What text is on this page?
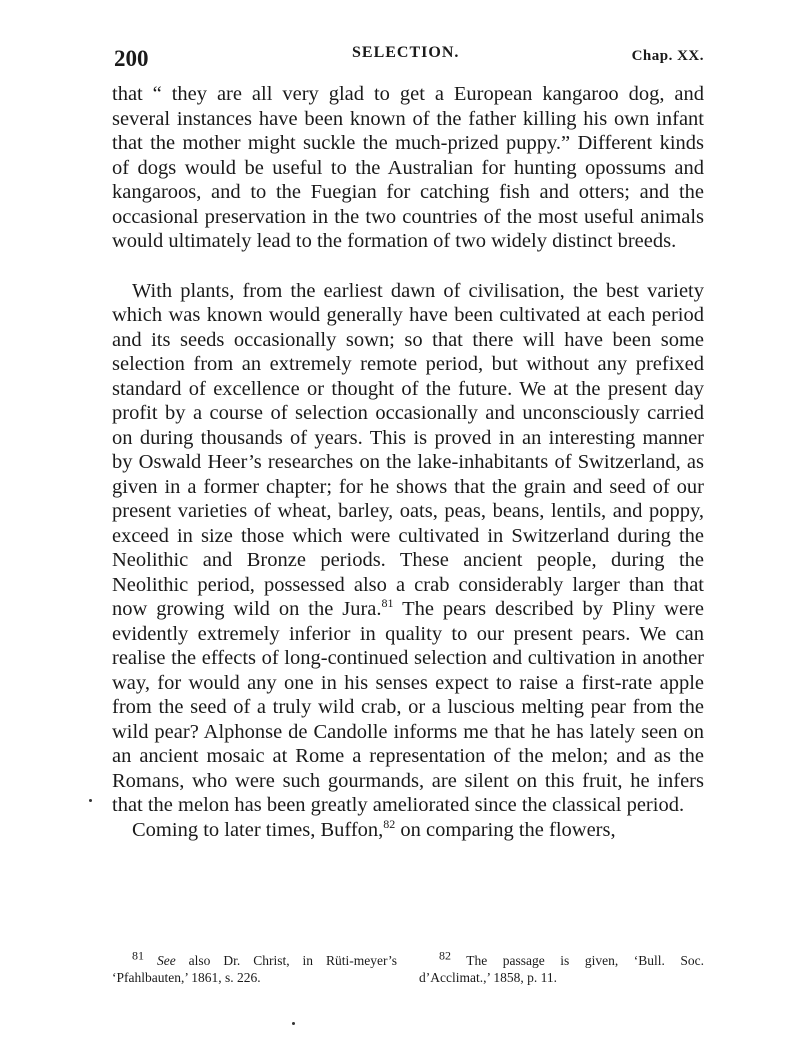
200	SELECTION.	Chap. XX.

that “ they are all very glad to get a European kangaroo dog, and several instances have been known of the father killing his own infant that the mother might suckle the much-prized puppy.” Different kinds of dogs would be useful to the Australian for hunting opossums and kangaroos, and to the Fuegian for catching fish and otters; and the occasional preservation in the two countries of the most useful animals would ultimately lead to the formation of two widely distinct breeds.

With plants, from the earliest dawn of civilisation, the best variety which was known would generally have been cultivated at each period and its seeds occasionally sown; so that there will have been some selection from an extremely remote period, but without any prefixed standard of excellence or thought of the future. We at the present day profit by a course of selection occasionally and unconsciously carried on during thousands of years. This is proved in an interesting manner by Oswald Heer’s researches on the lake-inhabitants of Switzerland, as given in a former chapter; for he shows that the grain and seed of our present varieties of wheat, barley, oats, peas, beans, lentils, and poppy, exceed in size those which were cultivated in Switzerland during the Neolithic and Bronze periods. These ancient people, during the Neolithic period, possessed also a crab considerably larger than that now growing wild on the Jura.$^{81}$ The pears described by Pliny were evidently extremely inferior in quality to our present pears. We can realise the effects of long-continued selection and cultivation in another way, for would any one in his senses expect to raise a first-rate apple from the seed of a truly wild crab, or a luscious melting pear from the wild pear? Alphonse de Candolle informs me that he has lately seen on an ancient mosaic at Rome a representation of the melon; and as the Romans, who were such gourmands, are silent on this fruit, he infers that the melon has been greatly ameliorated since the classical period.

Coming to later times, Buffon,$^{82}$ on comparing the flowers,

$^{81}$ See also Dr. Christ, in Rüti-meyer’s ‘Pfahlbauten,’ 1861, s. 226.
$^{82}$ The passage is given, ‘Bull. Soc. d’Acclimat.,’ 1858, p. 11.
